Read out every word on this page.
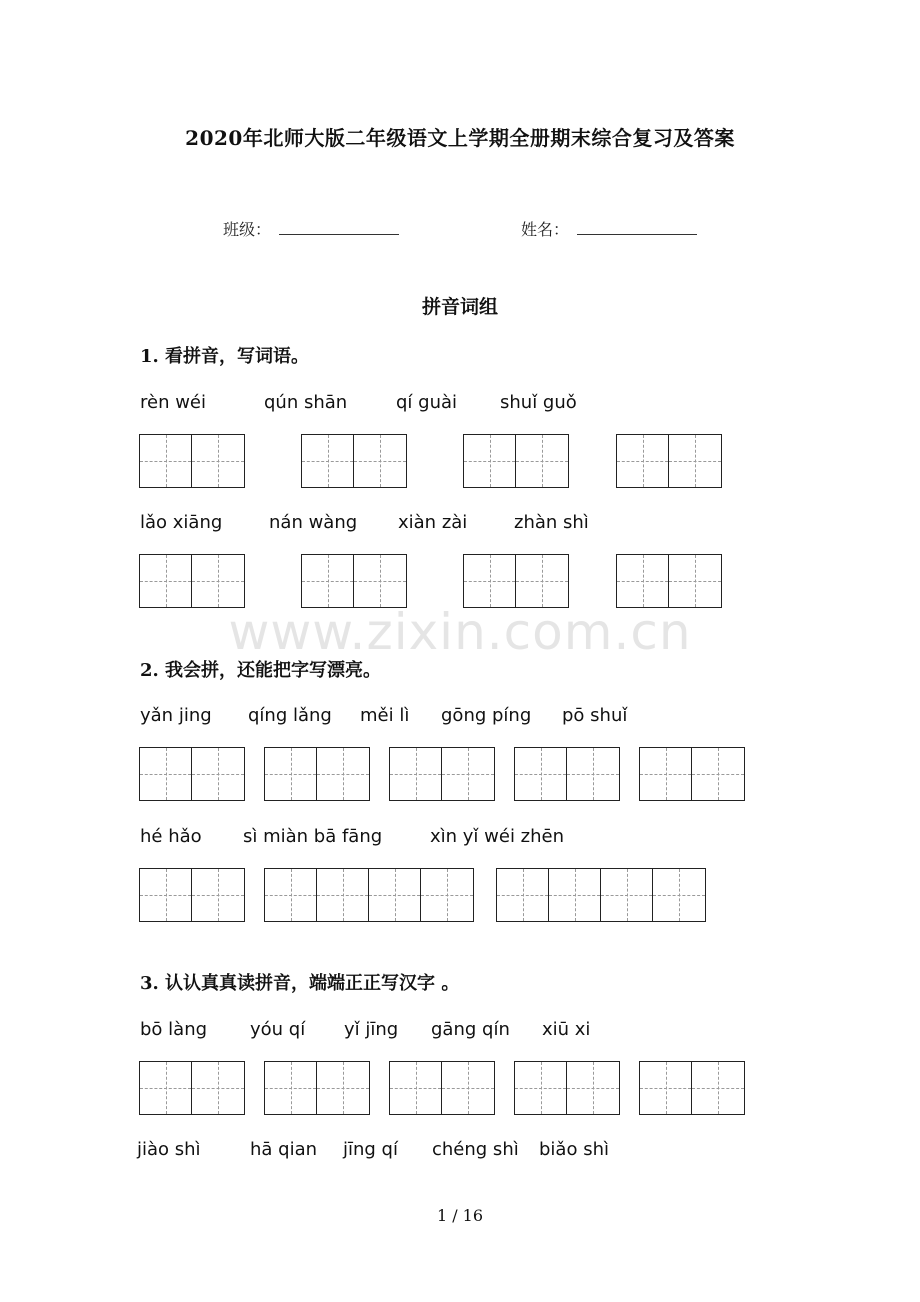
2020年北师大版二年级语文上学期全册期末综合复习及答案
班级：	姓名：
拼音词组
1. 看拼音，写词语。
rèn wéi	qún shān	qí guài shuǐ guǒ
lǎo xiāng	nán wàng xiàn zài	zhàn shì
www.zixin.com.cn
2. 我会拼，还能把字写漂亮。
yǎn jing qíng lǎng měi lì gōng píng pō shuǐ
hé hǎo sì miàn bā fāng	xìn yǐ wéi zhēn
3. 认认真真读拼音，端端正正写汉字 。
bō làng yóu qí yǐ jīng gāng qín xiū xi
jiào shì	hā qian jīng qí chéng shì biǎo shì
1 / 16
